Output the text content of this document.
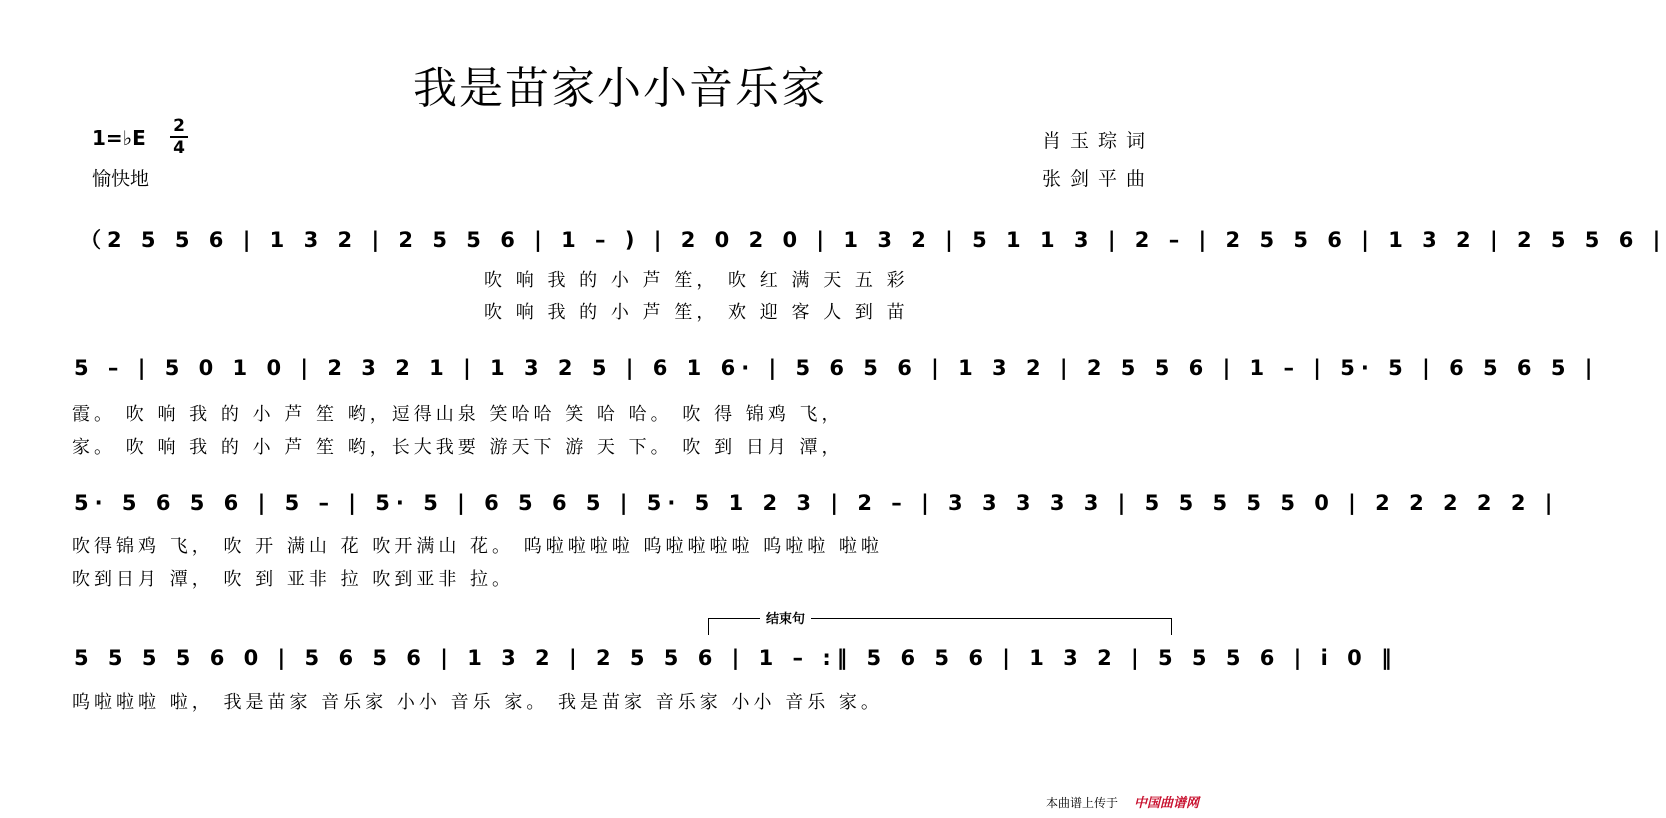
我是苗家小小音乐家
1=♭E $\frac{2}{4}$
愉快地
肖玉琮词
张剑平曲
（2 5 5 6 | 1 3 2 | 2 5 5 6 | 1 – ) | 2 0 2 0 | 1 3 2 | 5 1 1 3 | 2 – | 2 5 5 6 | 1 3 2 | 2 5 5 6 |
吹 响 我 的 小 芦 笙， 吹 红 满 天 五 彩
吹 响 我 的 小 芦 笙， 欢 迎 客 人 到 苗
5 – | 5 0 1 0 | 2 3 2 1 | 1 3 2 5 | 6 1 6· | 5 6 5 6 | 1 3 2 | 2 5 5 6 | 1 – | 5· 5 | 6 5 6 5 |
霞。 吹 响 我 的 小 芦 笙 哟，逗得山泉 笑哈哈 笑 哈 哈。 吹 得 锦鸡 飞，
家。 吹 响 我 的 小 芦 笙 哟，长大我要 游天下 游 天 下。 吹 到 日月 潭，
5· 5 6 5 6 | 5 – | 5· 5 | 6 5 6 5 | 5· 5 1 2 3 | 2 – | 3 3 3 3 3 | 5 5 5 5 5 0 | 2 2 2 2 2 |
吹得锦鸡 飞， 吹 开 满山 花 吹开满山 花。 呜啦啦啦啦 呜啦啦啦啦 呜啦啦 啦啦
吹到日月 潭， 吹 到 亚非 拉 吹到亚非 拉。
结束句
5 5 5 5 6 0 | 5 6 5 6 | 1 3 2 | 2 5 5 6 | 1 – :‖ 5 6 5 6 | 1 3 2 | 5 5 5 6 | i 0 ‖
呜啦啦啦 啦， 我是苗家 音乐家 小小 音乐 家。 我是苗家 音乐家 小小 音乐 家。
本曲谱上传于 中国曲谱网
